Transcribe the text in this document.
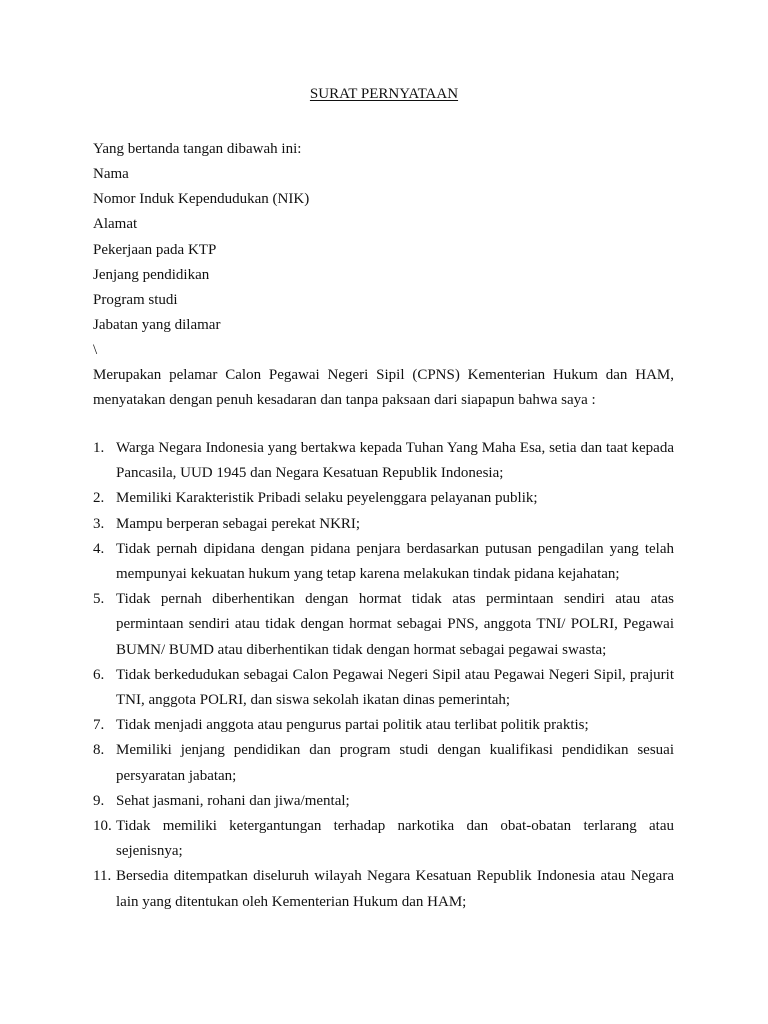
SURAT PERNYATAAN
Yang bertanda tangan dibawah ini:
Nama
Nomor Induk Kependudukan (NIK)
Alamat
Pekerjaan pada KTP
Jenjang pendidikan
Program studi
Jabatan yang dilamar
\

Merupakan pelamar Calon Pegawai Negeri Sipil (CPNS) Kementerian Hukum dan HAM, menyatakan dengan penuh kesadaran dan tanpa paksaan dari siapapun bahwa saya :

1. Warga Negara Indonesia yang bertakwa kepada Tuhan Yang Maha Esa, setia dan taat kepada Pancasila, UUD 1945 dan Negara Kesatuan Republik Indonesia;
2. Memiliki Karakteristik Pribadi selaku peyelenggara pelayanan publik;
3. Mampu berperan sebagai perekat NKRI;
4. Tidak pernah dipidana dengan pidana penjara berdasarkan putusan pengadilan yang telah mempunyai kekuatan hukum yang tetap karena melakukan tindak pidana kejahatan;
5. Tidak pernah diberhentikan dengan hormat tidak atas permintaan sendiri atau atas permintaan sendiri atau tidak dengan hormat sebagai PNS, anggota TNI/ POLRI, Pegawai BUMN/ BUMD atau diberhentikan tidak dengan hormat sebagai pegawai swasta;
6. Tidak berkedudukan sebagai Calon Pegawai Negeri Sipil atau Pegawai Negeri Sipil, prajurit TNI, anggota POLRI, dan siswa sekolah ikatan dinas pemerintah;
7. Tidak menjadi anggota atau pengurus partai politik atau terlibat politik praktis;
8. Memiliki jenjang pendidikan dan program studi dengan kualifikasi pendidikan sesuai persyaratan jabatan;
9. Sehat jasmani, rohani dan jiwa/mental;
10. Tidak memiliki ketergantungan terhadap narkotika dan obat-obatan terlarang atau sejenisnya;
11. Bersedia ditempatkan diseluruh wilayah Negara Kesatuan Republik Indonesia atau Negara lain yang ditentukan oleh Kementerian Hukum dan HAM;
